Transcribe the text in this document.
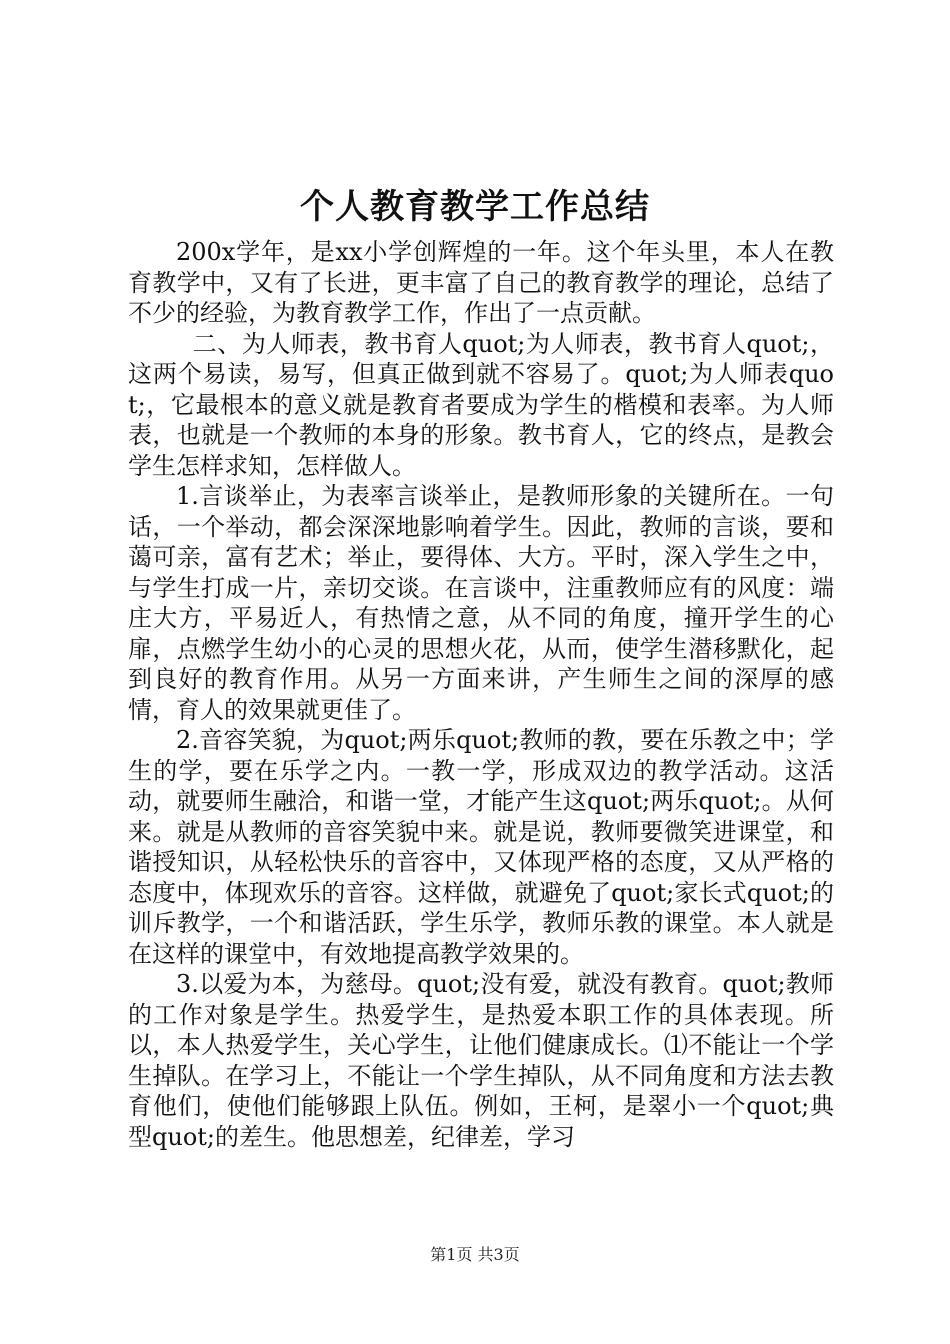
个人教育教学工作总结

200x学年，是xx小学创辉煌的一年。这个年头里，本人在教育教学中，又有了长进，更丰富了自己的教育教学的理论，总结了不少的经验，为教育教学工作，作出了一点贡献。

二、为人师表，教书育人quot;为人师表，教书育人quot;，这两个易读，易写，但真正做到就不容易了。quot;为人师表quot;，它最根本的意义就是教育者要成为学生的楷模和表率。为人师表，也就是一个教师的本身的形象。教书育人，它的终点，是教会学生怎样求知，怎样做人。

1.言谈举止，为表率言谈举止，是教师形象的关键所在。一句话，一个举动，都会深深地影响着学生。因此，教师的言谈，要和蔼可亲，富有艺术；举止，要得体、大方。平时，深入学生之中，与学生打成一片，亲切交谈。在言谈中，注重教师应有的风度：端庄大方，平易近人，有热情之意，从不同的角度，撞开学生的心扉，点燃学生幼小的心灵的思想火花，从而，使学生潜移默化，起到良好的教育作用。从另一方面来讲，产生师生之间的深厚的感情，育人的效果就更佳了。

2.音容笑貌，为quot;两乐quot;教师的教，要在乐教之中；学生的学，要在乐学之内。一教一学，形成双边的教学活动。这活动，就要师生融洽，和谐一堂，才能产生这quot;两乐quot;。从何来。就是从教师的音容笑貌中来。就是说，教师要微笑进课堂，和谐授知识，从轻松快乐的音容中，又体现严格的态度，又从严格的态度中，体现欢乐的音容。这样做，就避免了quot;家长式quot;的训斥教学，一个和谐活跃，学生乐学，教师乐教的课堂。本人就是在这样的课堂中，有效地提高教学效果的。

3.以爱为本，为慈母。quot;没有爱，就没有教育。quot;教师的工作对象是学生。热爱学生，是热爱本职工作的具体表现。所以，本人热爱学生，关心学生，让他们健康成长。⑴不能让一个学生掉队。在学习上，不能让一个学生掉队，从不同角度和方法去教育他们，使他们能够跟上队伍。例如，王柯，是翠小一个quot;典型quot;的差生。他思想差，纪律差，学习

第1页 共3页
